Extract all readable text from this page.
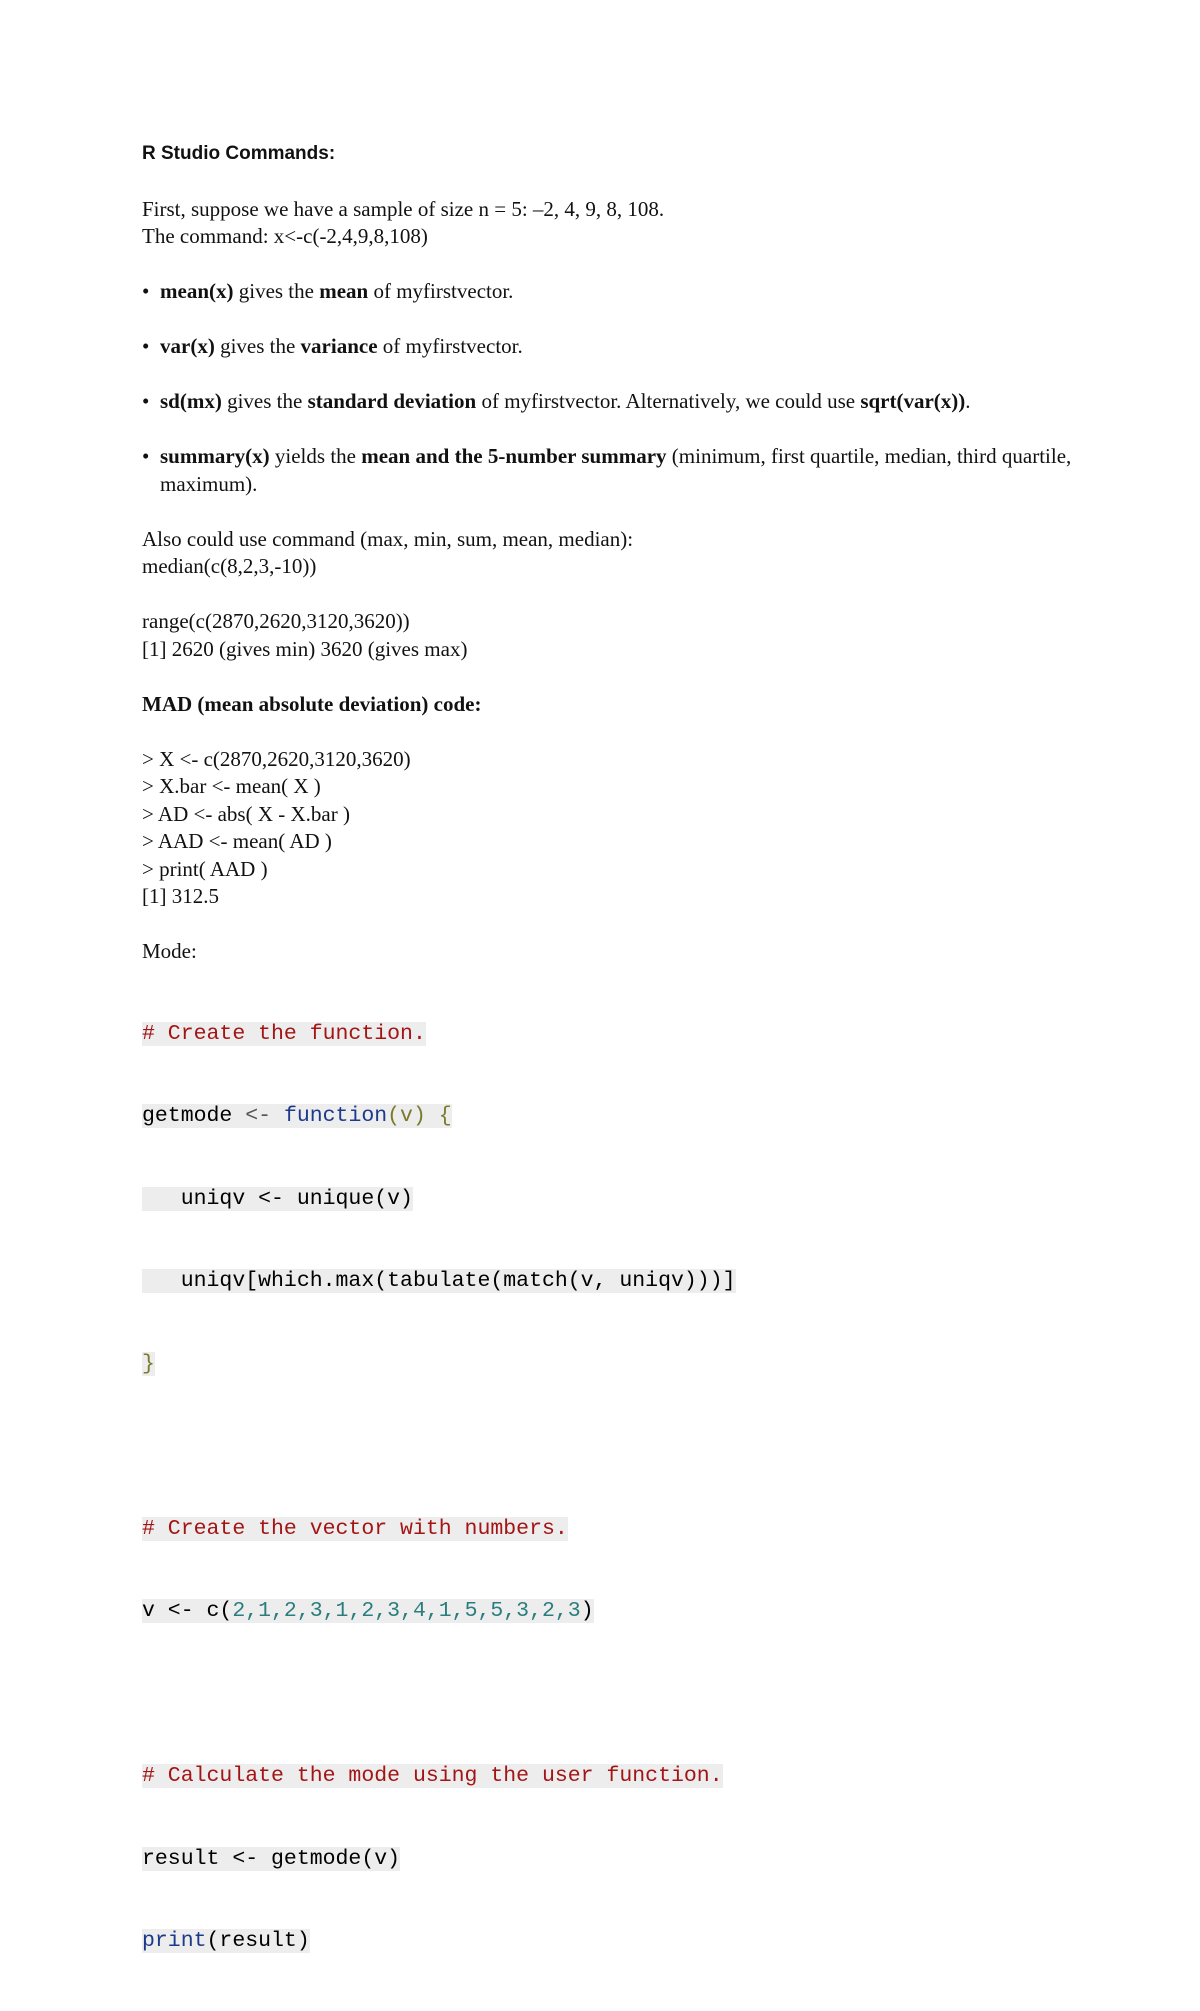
R Studio Commands:

First, suppose we have a sample of size n = 5: –2, 4, 9, 8, 108.

The command: x<-c(-2,4,9,8,108)

• mean(x) gives the mean of myfirstvector.
• var(x) gives the variance of myfirstvector.
• sd(mx) gives the standard deviation of myfirstvector. Alternatively, we could use sqrt(var(x)).
• summary(x) yields the mean and the 5-number summary (minimum, first quartile, median, third quartile, maximum).

Also could use command (max, min, sum, mean, median):

median(c(8,2,3,-10))

range(c(2870,2620,3120,3620))

[1] 2620 (gives min) 3620 (gives max)

MAD (mean absolute deviation) code:

> X <- c(2870,2620,3120,3620)

> X.bar <- mean( X )

> AD <- abs( X - X.bar )

> AAD <- mean( AD )

> print( AAD )

[1] 312.5

Mode:

# Create the function.

getmode <- function(v) {

uniqv <- unique(v)

uniqv[which.max(tabulate(match(v, uniqv)))]

}

# Create the vector with numbers.

v <- c(2,1,2,3,1,2,3,4,1,5,5,3,2,3)

# Calculate the mode using the user function.

result <- getmode(v)

print(result)
